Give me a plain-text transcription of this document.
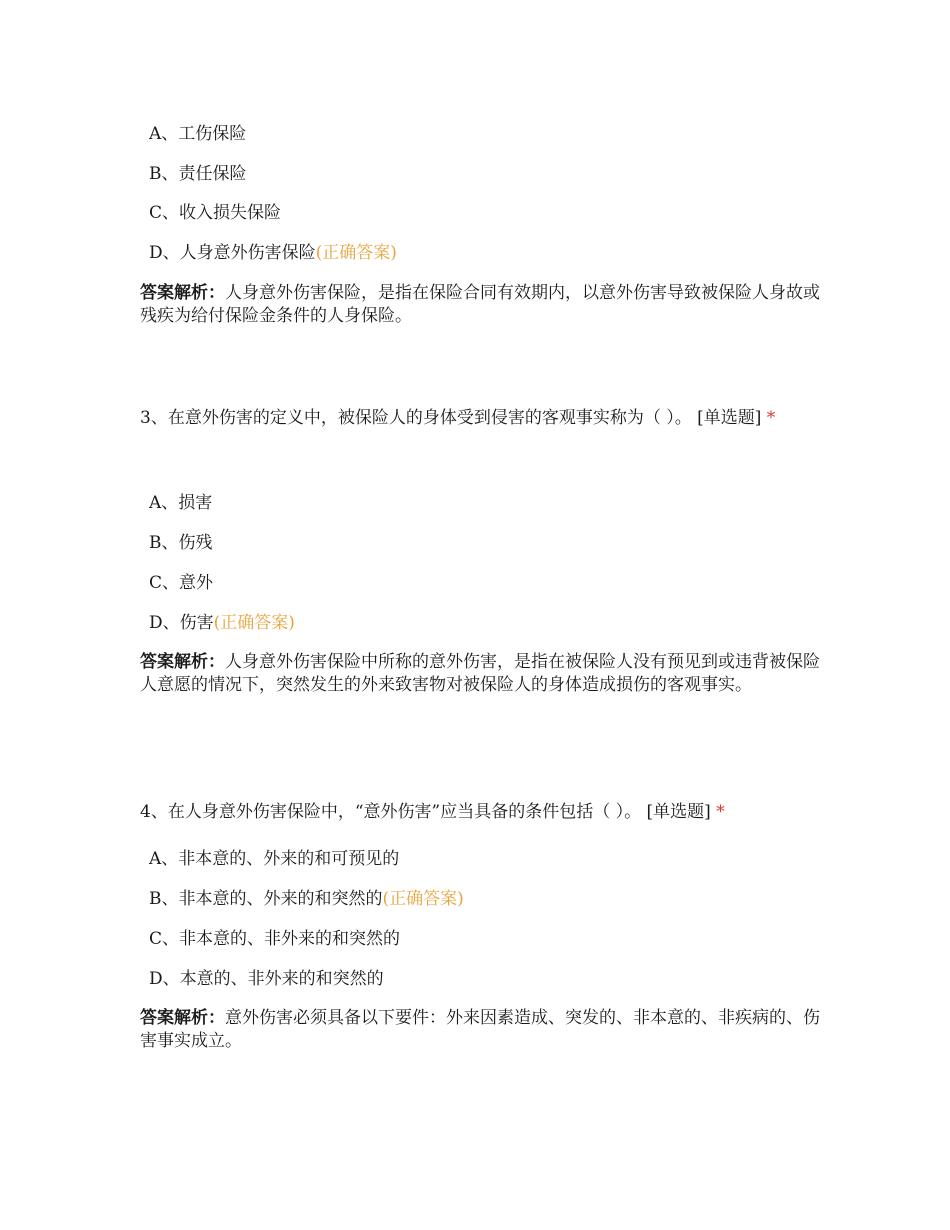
A、工伤保险
B、责任保险
C、收入损失保险
D、人身意外伤害保险(正确答案)
答案解析：人身意外伤害保险，是指在保险合同有效期内，以意外伤害导致被保险人身故或残疾为给付保险金条件的人身保险。
3、在意外伤害的定义中，被保险人的身体受到侵害的客观事实称为（ ）。 [单选题] *
A、损害
B、伤残
C、意外
D、伤害(正确答案)
答案解析：人身意外伤害保险中所称的意外伤害，是指在被保险人没有预见到或违背被保险人意愿的情况下，突然发生的外来致害物对被保险人的身体造成损伤的客观事实。
4、在人身意外伤害保险中，“意外伤害”应当具备的条件包括（ ）。 [单选题] *
A、非本意的、外来的和可预见的
B、非本意的、外来的和突然的(正确答案)
C、非本意的、非外来的和突然的
D、本意的、非外来的和突然的
答案解析：意外伤害必须具备以下要件：外来因素造成、突发的、非本意的、非疾病的、伤害事实成立。
